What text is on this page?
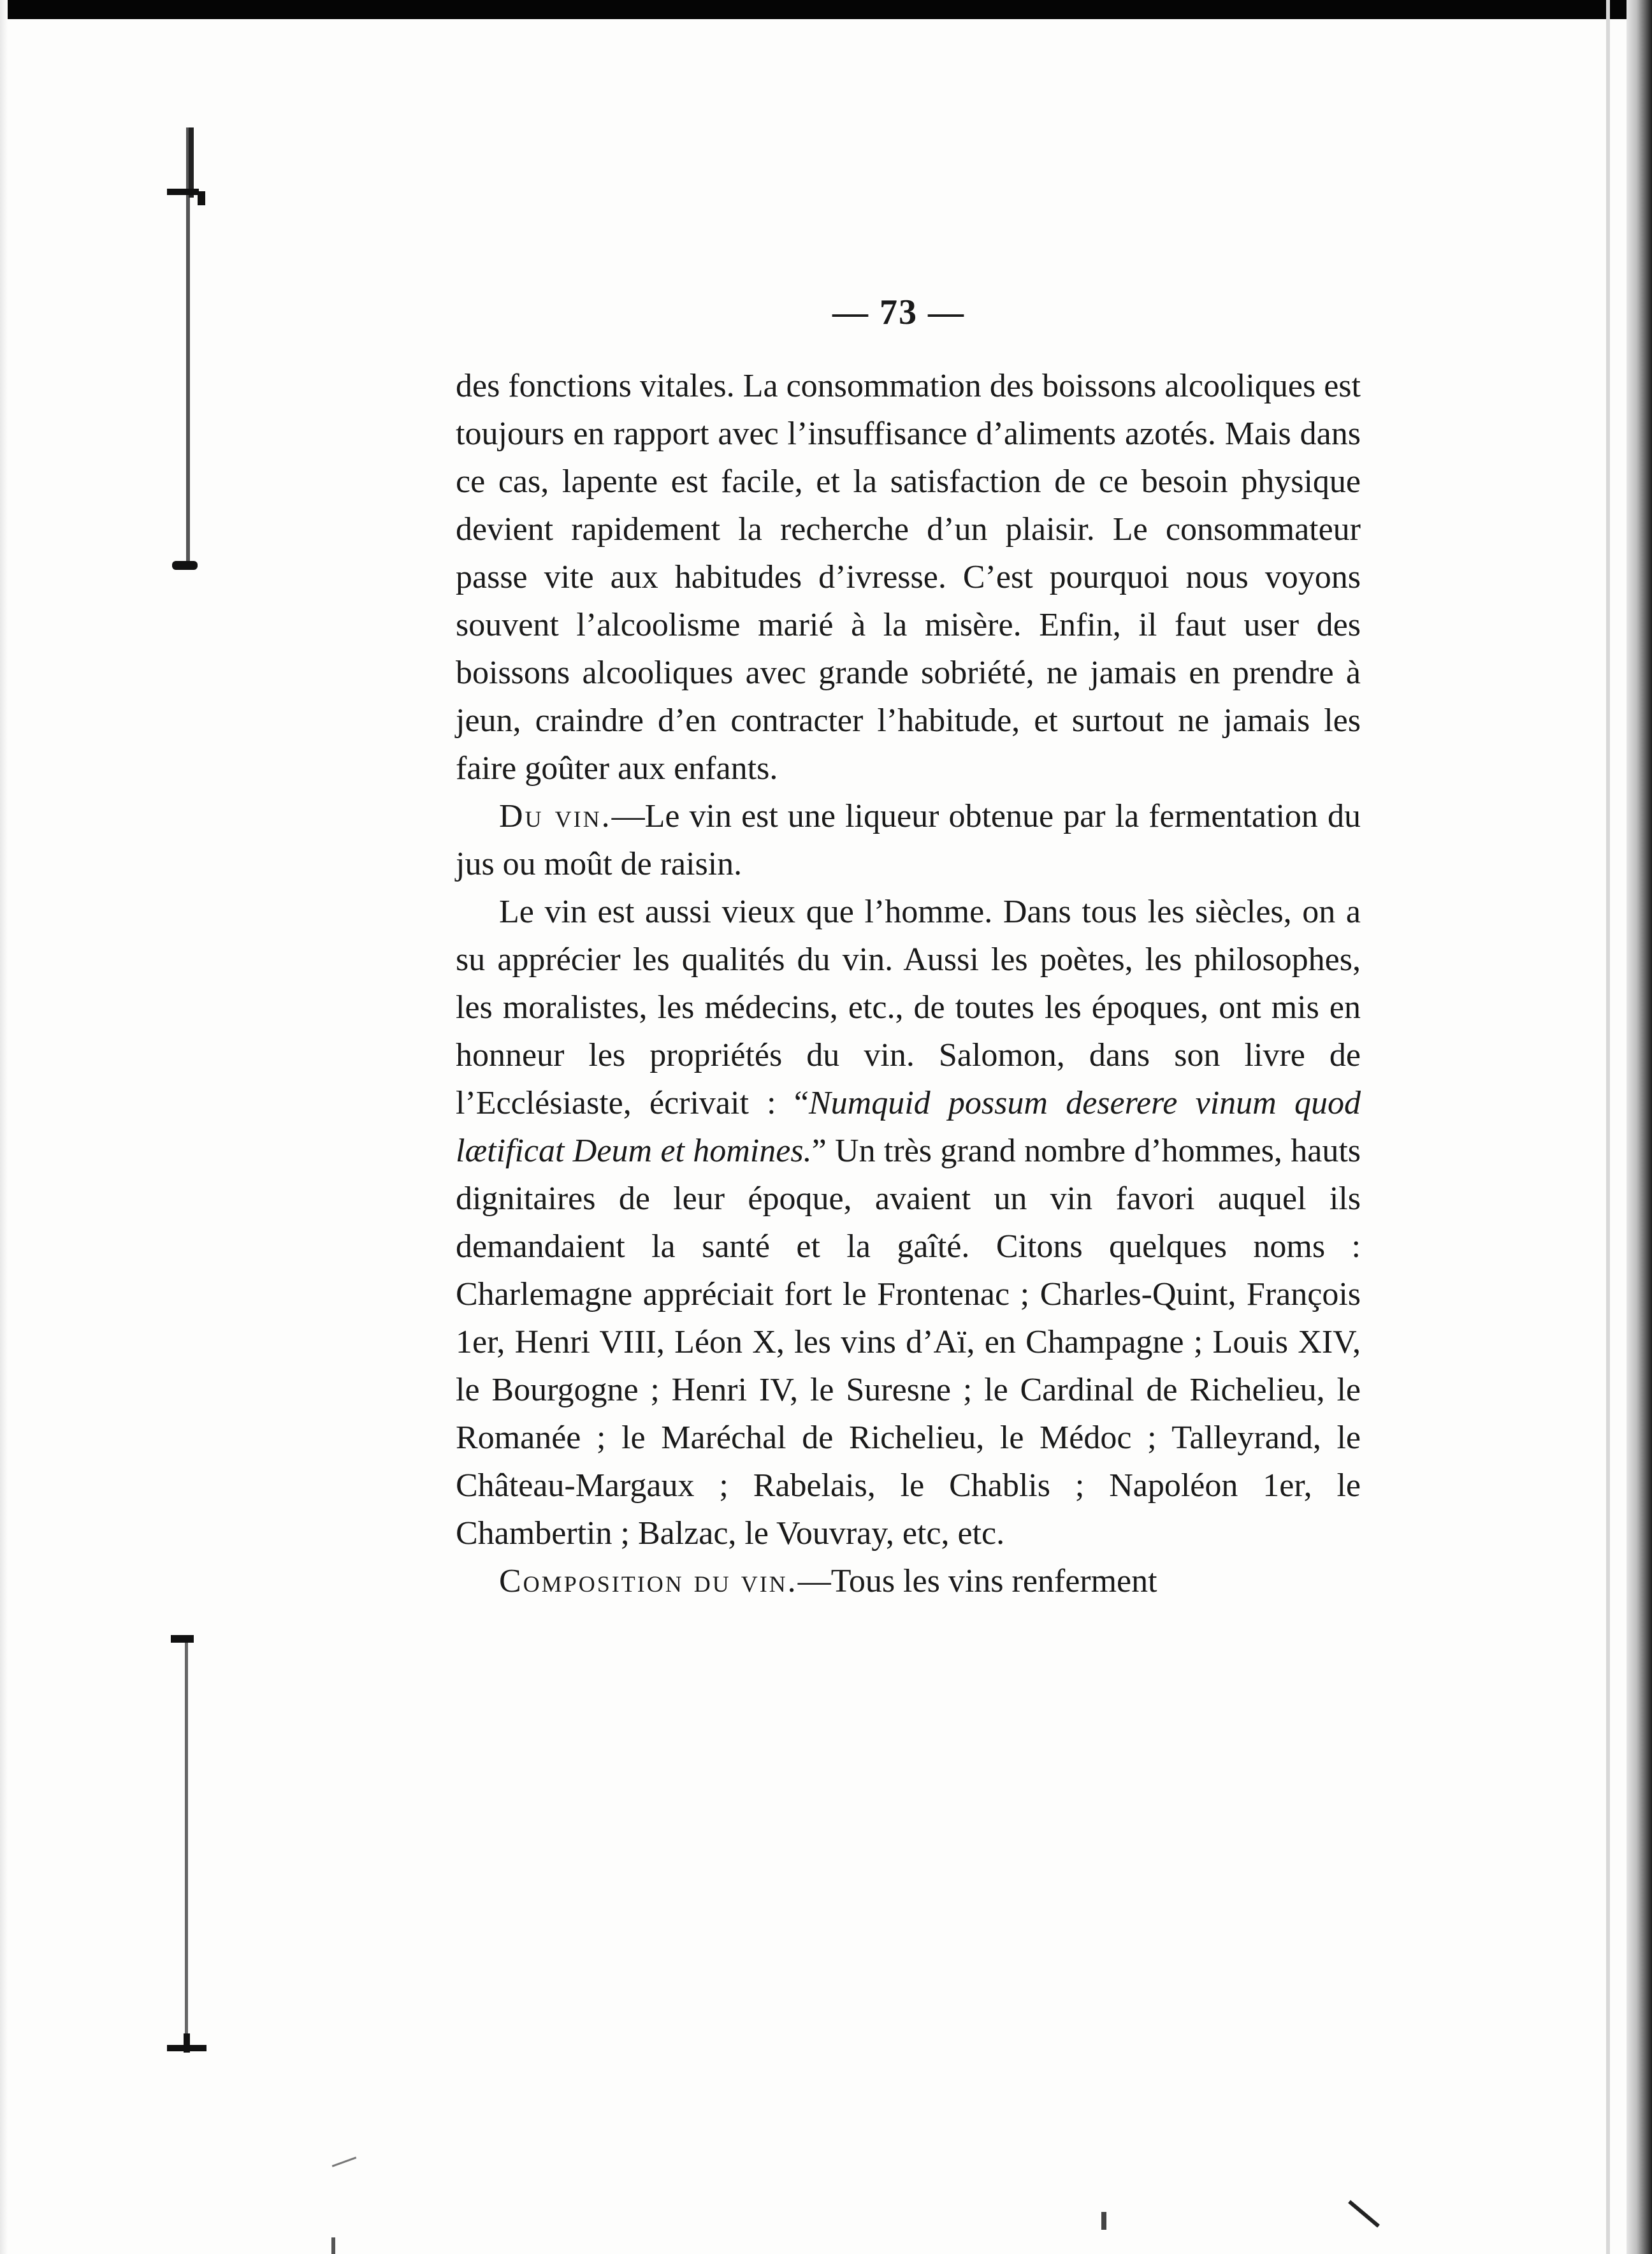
— 73 —

des fonctions vitales. La consommation des boissons alcooliques est toujours en rapport avec l’insuffisance d’aliments azotés. Mais dans ce cas, lapente est facile, et la satisfaction de ce besoin physique devient rapidement la recherche d’un plaisir. Le consommateur passe vite aux habitudes d’ivresse. C’est pourquoi nous voyons souvent l’alcoolisme marié à la misère. Enfin, il faut user des boissons alcooliques avec grande sobriété, ne jamais en prendre à jeun, craindre d’en contracter l’habitude, et surtout ne jamais les faire goûter aux enfants.

Du vin.—Le vin est une liqueur obtenue par la fermentation du jus ou moût de raisin.

Le vin est aussi vieux que l’homme. Dans tous les siècles, on a su apprécier les qualités du vin. Aussi les poètes, les philosophes, les moralistes, les médecins, etc., de toutes les époques, ont mis en honneur les propriétés du vin. Salomon, dans son livre de l’Ecclésiaste, écrivait : “Numquid possum deserere vinum quod lætificat Deum et homines.” Un très grand nombre d’hommes, hauts dignitaires de leur époque, avaient un vin favori auquel ils demandaient la santé et la gaîté. Citons quelques noms : Charlemagne appréciait fort le Frontenac ; Charles-Quint, François 1er, Henri VIII, Léon X, les vins d’Aï, en Champagne ; Louis XIV, le Bourgogne ; Henri IV, le Suresne ; le Cardinal de Richelieu, le Romanée ; le Maréchal de Richelieu, le Médoc ; Talleyrand, le Château-Margaux ; Rabelais, le Chablis ; Napoléon 1er, le Chambertin ; Balzac, le Vouvray, etc, etc.

Composition du vin.—Tous les vins renferment
